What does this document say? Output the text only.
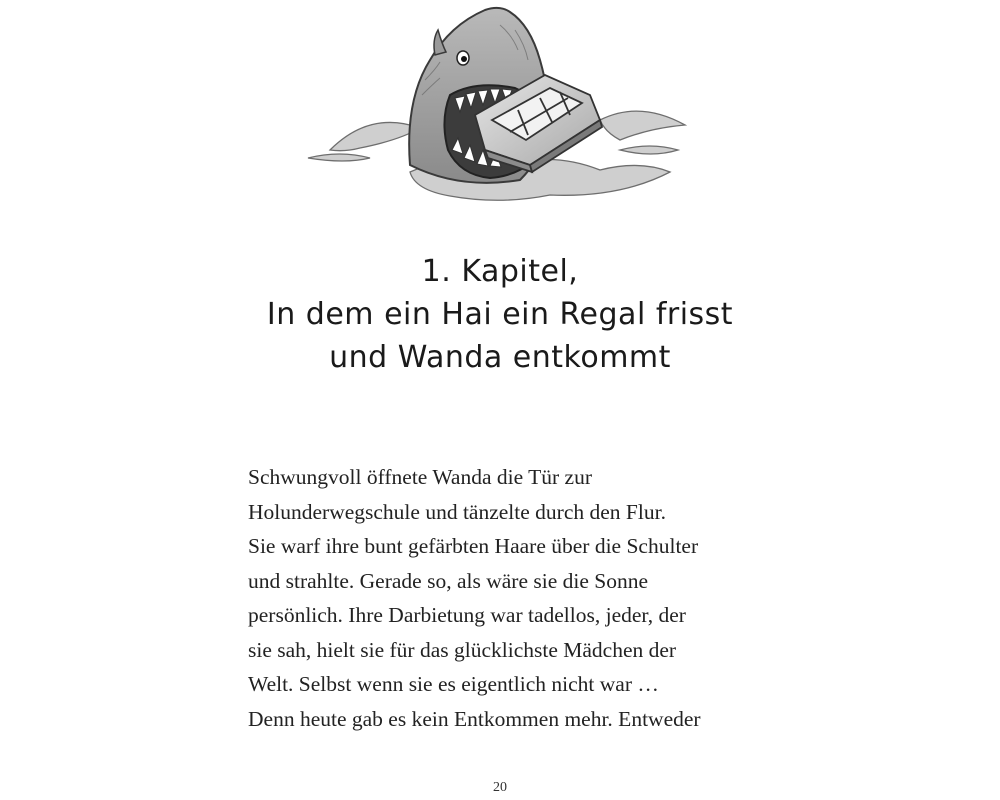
1. Kapitel,
In dem ein Hai ein Regal frisst
und Wanda entkommt
Schwungvoll öffnete Wanda die Tür zur
Holunderwegschule und tänzelte durch den Flur.
Sie warf ihre bunt gefärbten Haare über die Schulter
und strahlte. Gerade so, als wäre sie die Sonne
persönlich. Ihre Darbietung war tadellos, jeder, der
sie sah, hielt sie für das glücklichste Mädchen der
Welt. Selbst wenn sie es eigentlich nicht war …
Denn heute gab es kein Entkommen mehr. Entweder
20
